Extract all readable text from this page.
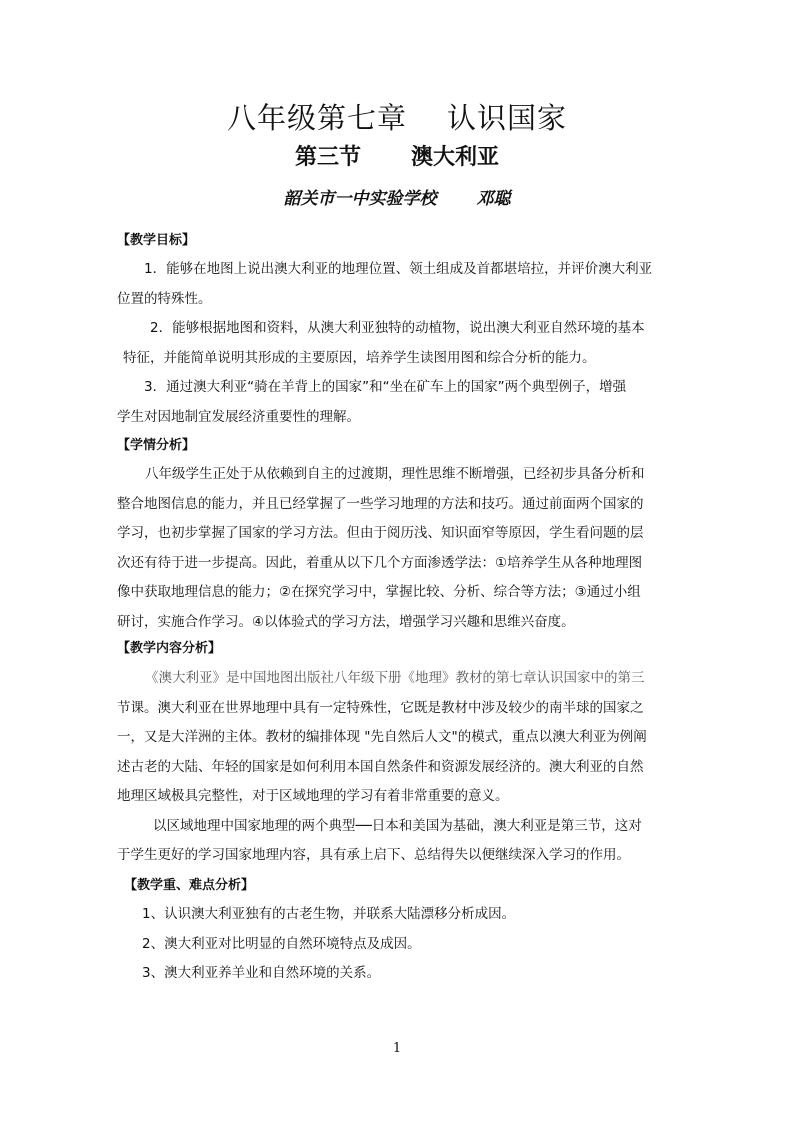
八年级第七章 认识国家
第三节 澳大利亚
韶关市一中实验学校 邓聪
【教学目标】
1．能够在地图上说出澳大利亚的地理位置、领土组成及首都堪培拉，并评价澳大利亚
位置的特殊性。
2．能够根据地图和资料，从澳大利亚独特的动植物，说出澳大利亚自然环境的基本
特征，并能简单说明其形成的主要原因，培养学生读图用图和综合分析的能力。
3．通过澳大利亚“骑在羊背上的国家”和“坐在矿车上的国家”两个典型例子，增强
学生对因地制宜发展经济重要性的理解。
【学情分析】
八年级学生正处于从依赖到自主的过渡期，理性思维不断增强，已经初步具备分析和
整合地图信息的能力，并且已经掌握了一些学习地理的方法和技巧。通过前面两个国家的
学习，也初步掌握了国家的学习方法。但由于阅历浅、知识面窄等原因，学生看问题的层
次还有待于进一步提高。因此，着重从以下几个方面渗透学法：①培养学生从各种地理图
像中获取地理信息的能力；②在探究学习中，掌握比较、分析、综合等方法；③通过小组
研讨，实施合作学习。④以体验式的学习方法，增强学习兴趣和思维兴奋度。
【教学内容分析】
《澳大利亚》是中国地图出版社八年级下册《地理》教材的第七章认识国家中的第三
节课。澳大利亚在世界地理中具有一定特殊性，它既是教材中涉及较少的南半球的国家之
一，又是大洋洲的主体。教材的编排体现 "先自然后人文"的模式，重点以澳大利亚为例阐
述古老的大陆、年轻的国家是如何利用本国自然条件和资源发展经济的。澳大利亚的自然
地理区域极具完整性，对于区域地理的学习有着非常重要的意义。
以区域地理中国家地理的两个典型──日本和美国为基础，澳大利亚是第三节，这对
于学生更好的学习国家地理内容，具有承上启下、总结得失以便继续深入学习的作用。
【教学重、难点分析】
1、认识澳大利亚独有的古老生物，并联系大陆漂移分析成因。
2、澳大利亚对比明显的自然环境特点及成因。
3、澳大利亚养羊业和自然环境的关系。
1
